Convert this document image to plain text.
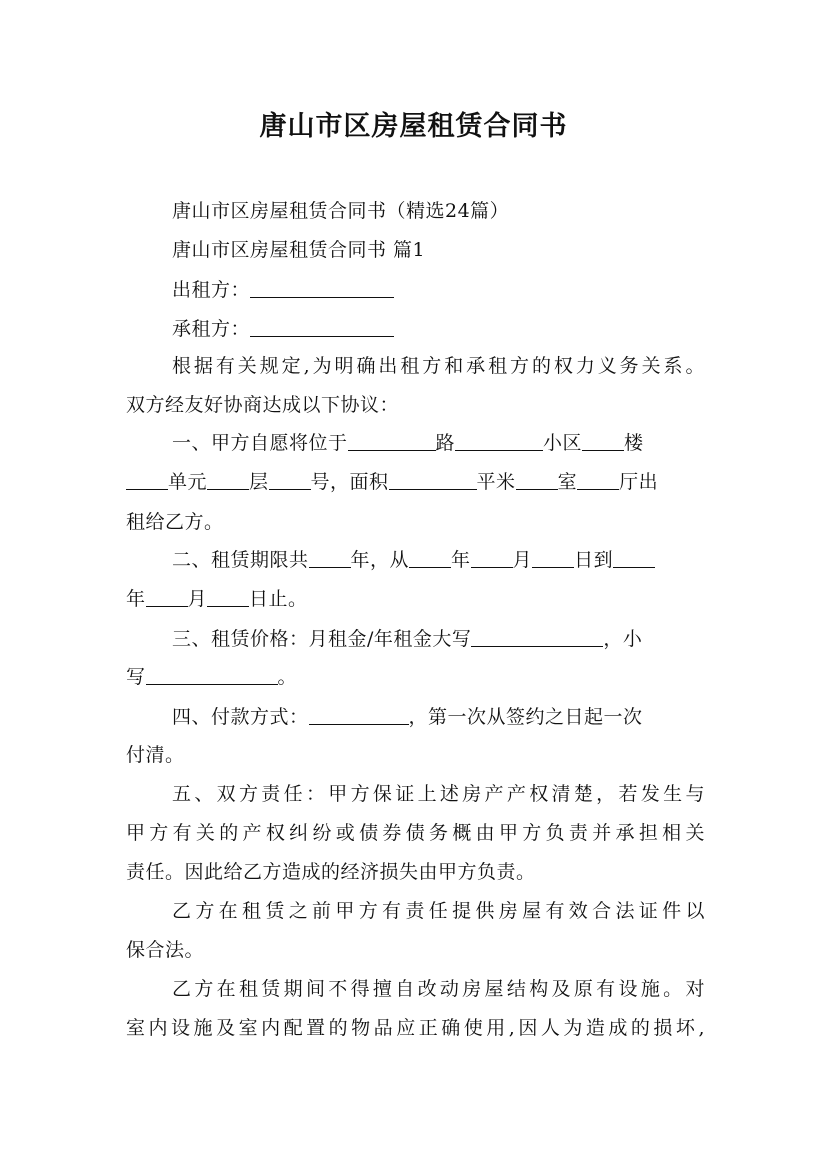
唐山市区房屋租赁合同书
唐山市区房屋租赁合同书（精选24篇）
唐山市区房屋租赁合同书 篇1
出租方：
承租方：
根据有关规定,为明确出租方和承租方的权力义务关系。
双方经友好协商达成以下协议：
一、甲方自愿将位于	路	小区 楼
单元 层 号，面积	平米 室 厅出
租给乙方。
二、租赁期限共 年，从 年 月 日到
年 月 日止。
三、租赁价格：月租金/年租金大写	，小
写	。
四、付款方式：	，第一次从签约之日起一次
付清。
五、双方责任：甲方保证上述房产产权清楚，若发生与
甲方有关的产权纠纷或债券债务概由甲方负责并承担相关
责任。因此给乙方造成的经济损失由甲方负责。
乙方在租赁之前甲方有责任提供房屋有效合法证件以
保合法。
乙方在租赁期间不得擅自改动房屋结构及原有设施。对
室内设施及室内配置的物品应正确使用,因人为造成的损坏,
